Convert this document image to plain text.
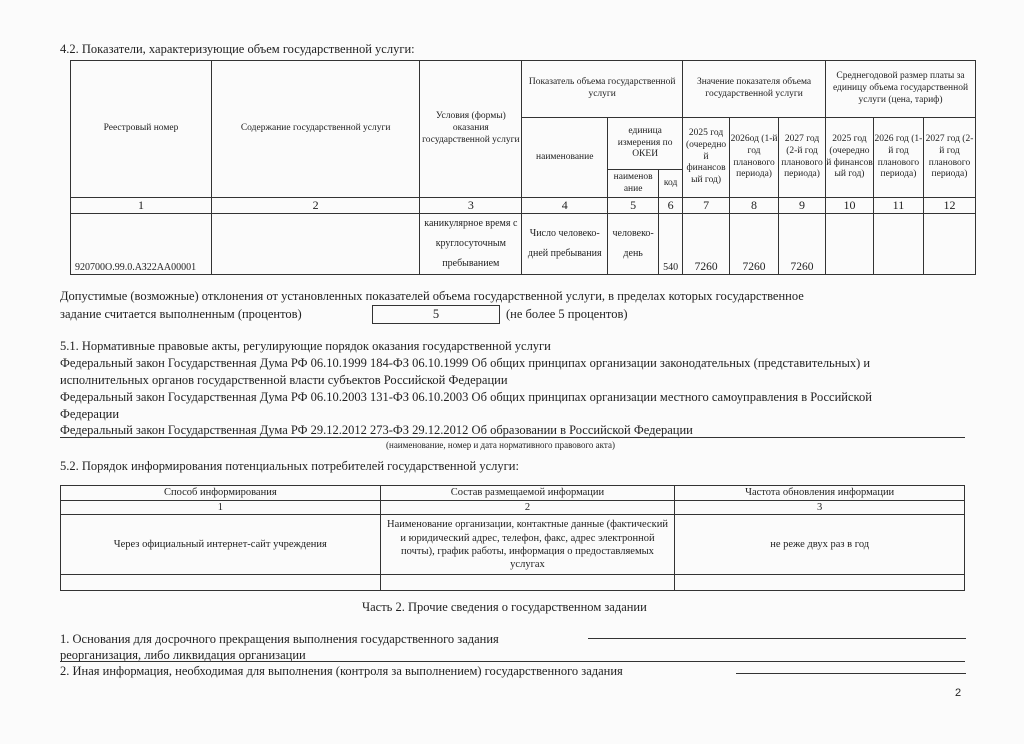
4.2. Показатели, характеризующие объем государственной услуги:
Реестровый номер	Содержание государственной услуги	Условия (формы) оказания государственной услуги	Показатель объема государственной услуги			Значение показателя объема государственной услуги			Среднегодовой размер платы за единицу объема государственной услуги (цена, тариф)		
			наименование	единица измерения по ОКЕИ		2025 год (очередно й финансов ый год)	2026од (1-й год планового периода)	2027 год (2-й год планового периода)	2025 год (очередно й финансов ый год)	2026 год (1-й год планового периода)	2027 год (2-й год планового периода)
				наименов ание	код						
1	2	3	4	5	6	7	8	9	10	11	12
920700О.99.0.АЗ22АА00001		каникулярное время с круглосуточным пребыванием	Число человеко-дней пребывания	человеко-день	540	7260	7260	7260			
Допустимые (возможные) отклонения от установленных показателей объема государственной услуги, в пределах которых государственное
задание считается выполненным (процентов)	5	(не более 5 процентов)
5.1. Нормативные правовые акты, регулирующие порядок оказания государственной услуги
Федеральный закон Государственная Дума РФ 06.10.1999 184-ФЗ 06.10.1999 Об общих принципах организации законодательных (представительных) и
исполнительных органов государственной власти субъектов Российской Федерации
Федеральный закон Государственная Дума РФ 06.10.2003 131-ФЗ 06.10.2003 Об общих принципах организации местного самоуправления в Российской
Федерации
Федеральный закон Государственная Дума РФ 29.12.2012 273-ФЗ 29.12.2012 Об образовании в Российской Федерации
(наименование, номер и дата нормативного правового акта)
5.2. Порядок информирования потенциальных потребителей государственной услуги:
Способ информирования	Состав размещаемой информации	Частота обновления информации
1	2	3
Через официальный интернет-сайт учреждения	Наименование организации, контактные данные (фактический и юридический адрес, телефон, факс, адрес электронной почты), график работы, информация о предоставляемых услугах	не реже двух раз в год

Часть 2. Прочие сведения о государственном задании
1. Основания для досрочного прекращения выполнения государственного задания
реорганизация, либо ликвидация организации
2. Иная информация, необходимая для выполнения (контроля за выполнением) государственного задания
2
